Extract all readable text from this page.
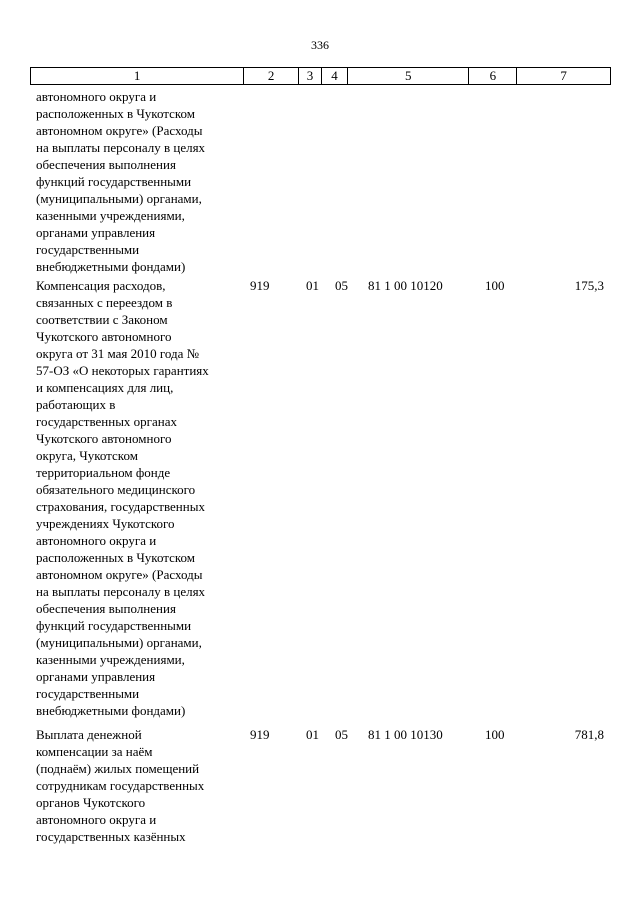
336
1	2	3	4	5	6	7
автономного округа и
расположенных в Чукотском
автономном округе» (Расходы
на выплаты персоналу в целях
обеспечения выполнения
функций государственными
(муниципальными) органами,
казенными учреждениями,
органами управления
государственными
внебюджетными фондами)
Компенсация расходов,
связанных с переездом в
соответствии с Законом
Чукотского автономного
округа от 31 мая 2010 года №
57-ОЗ «О некоторых гарантиях
и компенсациях для лиц,
работающих в
государственных органах
Чукотского автономного
округа, Чукотском
территориальном фонде
обязательного медицинского
страхования, государственных
учреждениях Чукотского
автономного округа и
расположенных в Чукотском
автономном округе» (Расходы
на выплаты персоналу в целях
обеспечения выполнения
функций государственными
(муниципальными) органами,
казенными учреждениями,
органами управления
государственными
внебюджетными фондами)
919	01	05	81 1 00 10120	100	175,3
Выплата денежной
компенсации за наём
(поднаём) жилых помещений
сотрудникам государственных
органов Чукотского
автономного округа и
государственных казённых
919	01	05	81 1 00 10130	100	781,8
